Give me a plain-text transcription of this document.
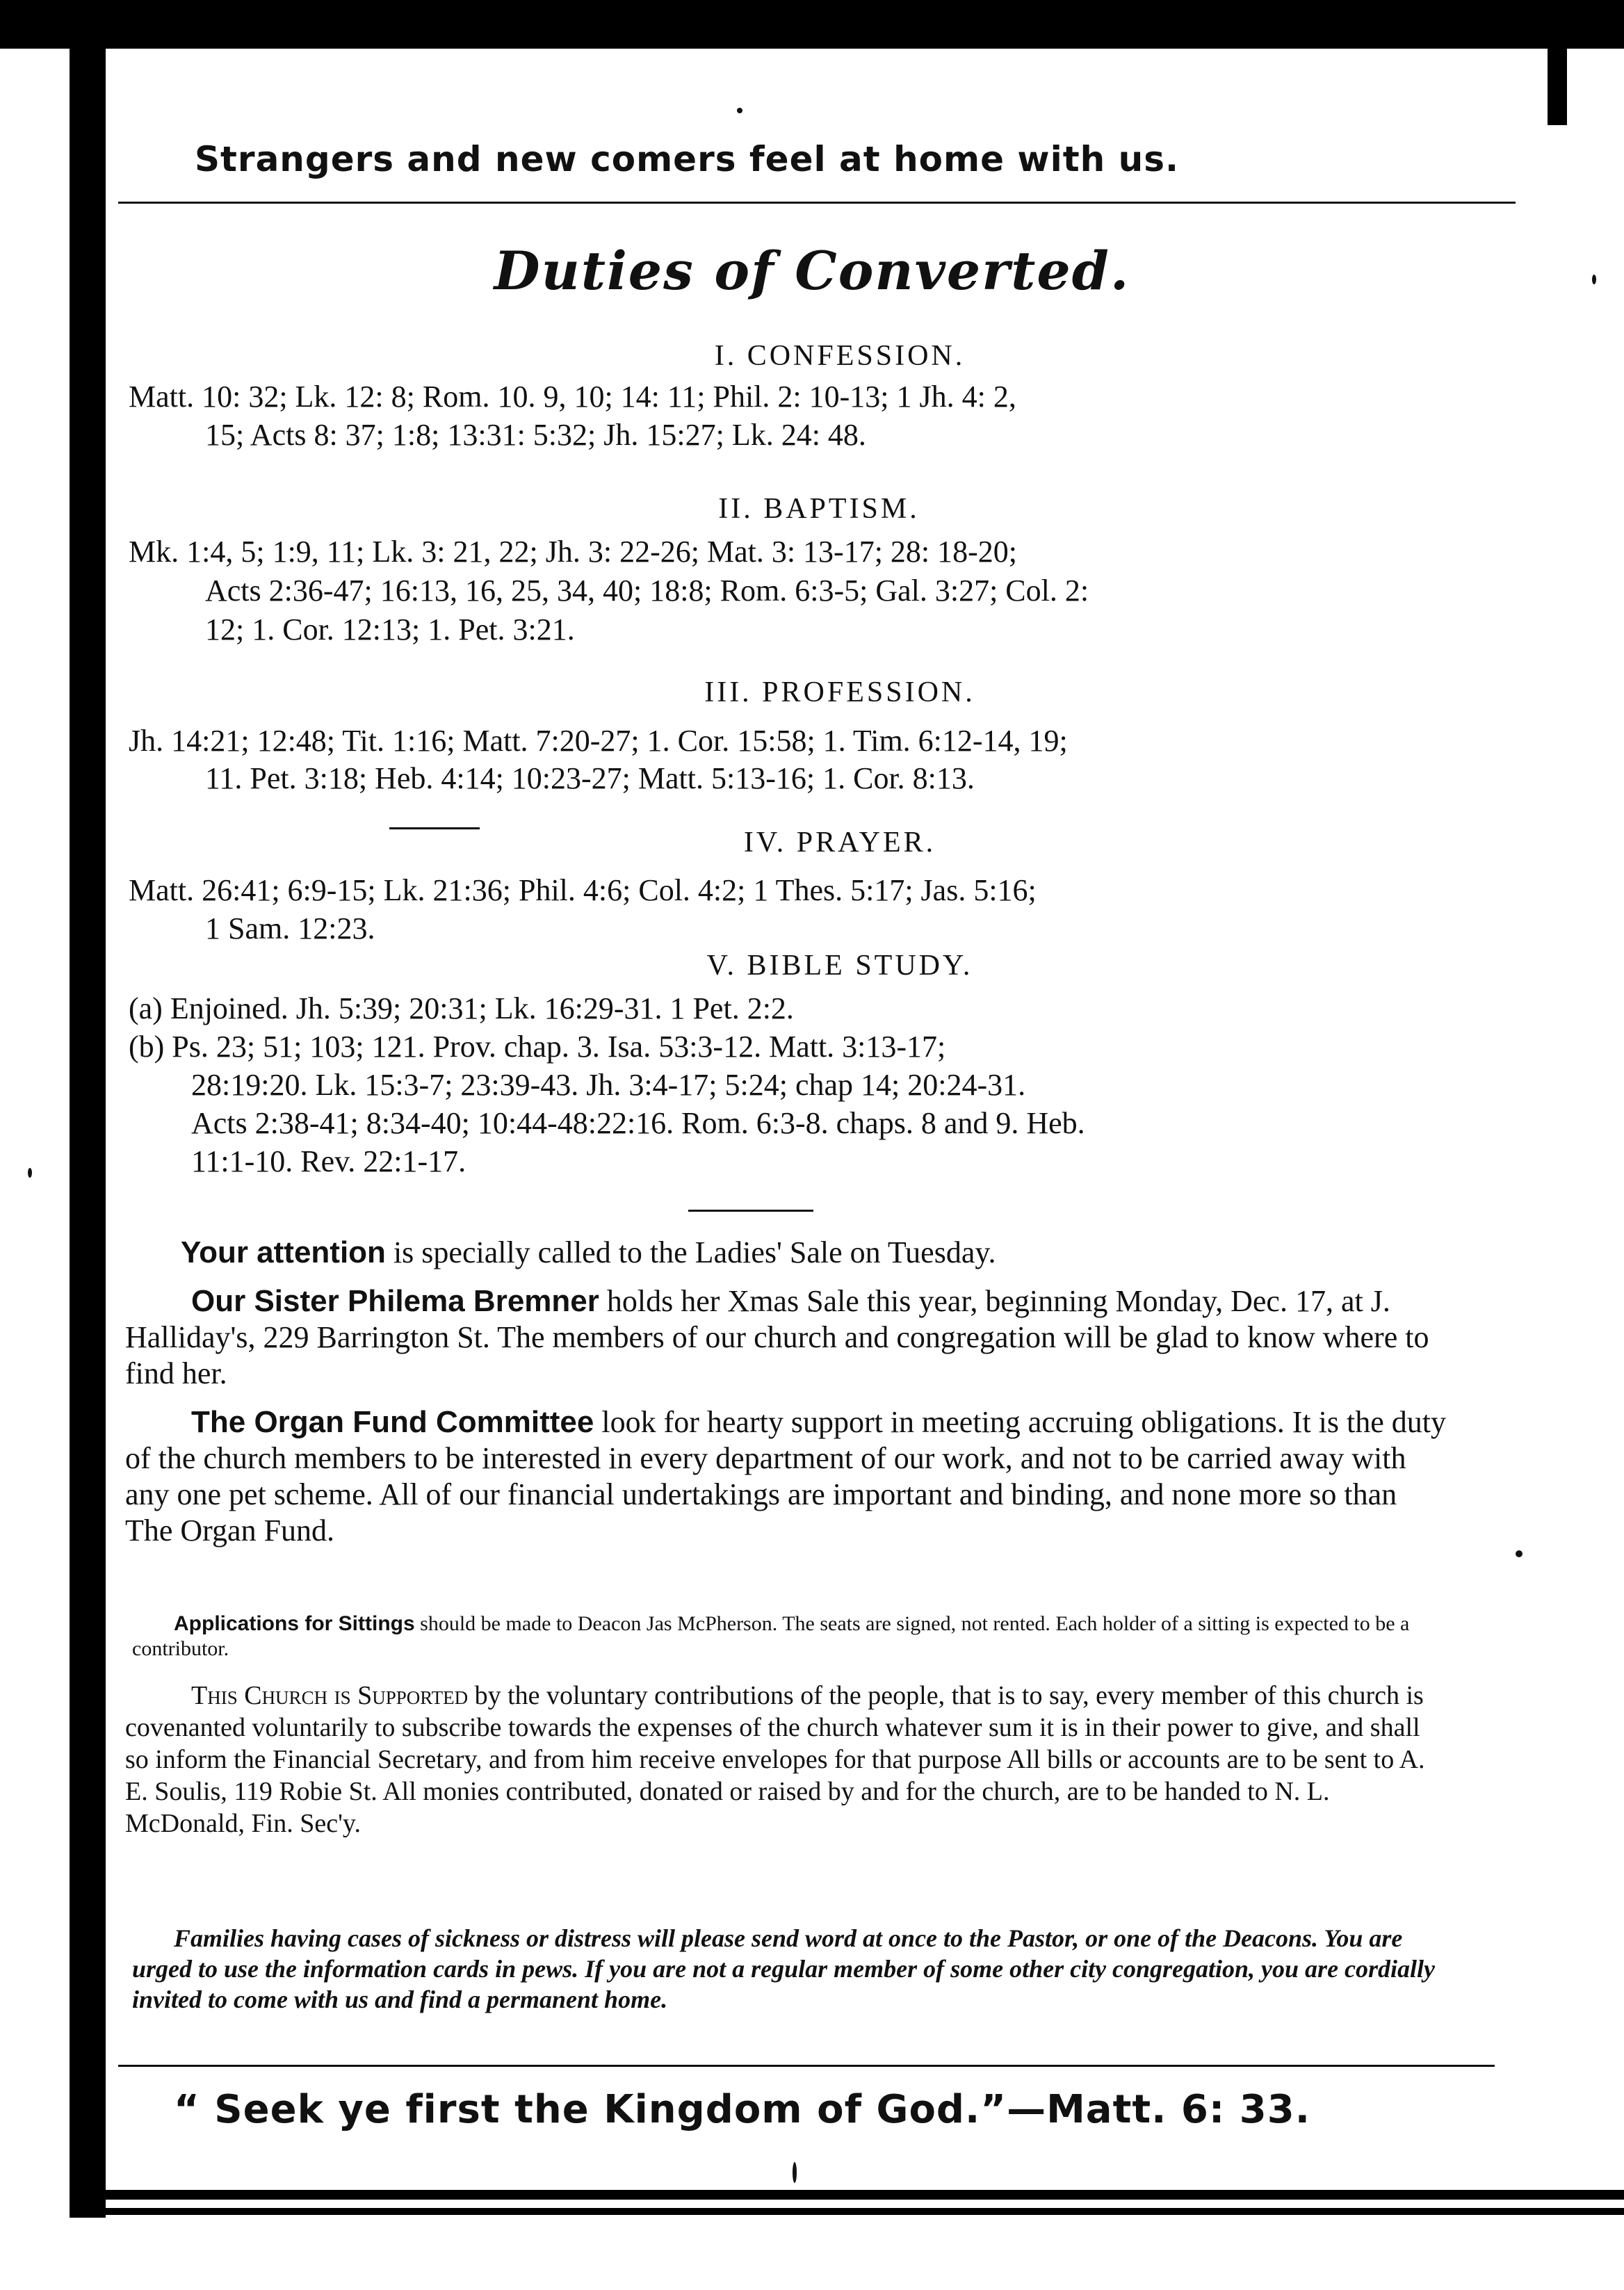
Strangers and new comers feel at home with us.
Duties of Converted.
I. CONFESSION.
Matt. 10: 32; Lk. 12: 8; Rom. 10. 9, 10; 14: 11; Phil. 2: 10-13; 1 Jh. 4: 2,
15; Acts 8: 37; 1:8; 13:31: 5:32; Jh. 15:27; Lk. 24: 48.
II. BAPTISM.
Mk. 1:4, 5; 1:9, 11; Lk. 3: 21, 22; Jh. 3: 22-26; Mat. 3: 13-17; 28: 18-20;
Acts 2:36-47; 16:13, 16, 25, 34, 40; 18:8; Rom. 6:3-5; Gal. 3:27; Col. 2:
12; 1. Cor. 12:13; 1. Pet. 3:21.
III. PROFESSION.
Jh. 14:21; 12:48; Tit. 1:16; Matt. 7:20-27; 1. Cor. 15:58; 1. Tim. 6:12-14, 19;
11. Pet. 3:18; Heb. 4:14; 10:23-27; Matt. 5:13-16; 1. Cor. 8:13.
IV. PRAYER.
Matt. 26:41; 6:9-15; Lk. 21:36; Phil. 4:6; Col. 4:2; 1 Thes. 5:17; Jas. 5:16;
1 Sam. 12:23.
V. BIBLE STUDY.
(a) Enjoined. Jh. 5:39; 20:31; Lk. 16:29-31. 1 Pet. 2:2.
(b) Ps. 23; 51; 103; 121. Prov. chap. 3. Isa. 53:3-12. Matt. 3:13-17;
28:19:20. Lk. 15:3-7; 23:39-43. Jh. 3:4-17; 5:24; chap 14; 20:24-31.
Acts 2:38-41; 8:34-40; 10:44-48:22:16. Rom. 6:3-8. chaps. 8 and 9. Heb.
11:1-10. Rev. 22:1-17.
Your attention is specially called to the Ladies' Sale on Tuesday.
Our Sister Philema Bremner holds her Xmas Sale this year, beginning Monday, Dec. 17, at J. Halliday's, 229 Barrington St. The members of our church and congregation will be glad to know where to find her.
The Organ Fund Committee look for hearty support in meeting accruing obligations. It is the duty of the church members to be interested in every department of our work, and not to be carried away with any one pet scheme. All of our financial undertakings are important and binding, and none more so than The Organ Fund.
Applications for Sittings should be made to Deacon Jas McPherson. The seats are signed, not rented. Each holder of a sitting is expected to be a contributor.
This Church is Supported by the voluntary contributions of the people, that is to say, every member of this church is covenanted voluntarily to subscribe towards the expenses of the church whatever sum it is in their power to give, and shall so inform the Financial Secretary, and from him receive envelopes for that purpose All bills or accounts are to be sent to A. E. Soulis, 119 Robie St. All monies contributed, donated or raised by and for the church, are to be handed to N. L. McDonald, Fin. Sec'y.
Families having cases of sickness or distress will please send word at once to the Pastor, or one of the Deacons. You are urged to use the information cards in pews. If you are not a regular member of some other city congregation, you are cordially invited to come with us and find a permanent home.
“ Seek ye first the Kingdom of God.”—Matt. 6: 33.
